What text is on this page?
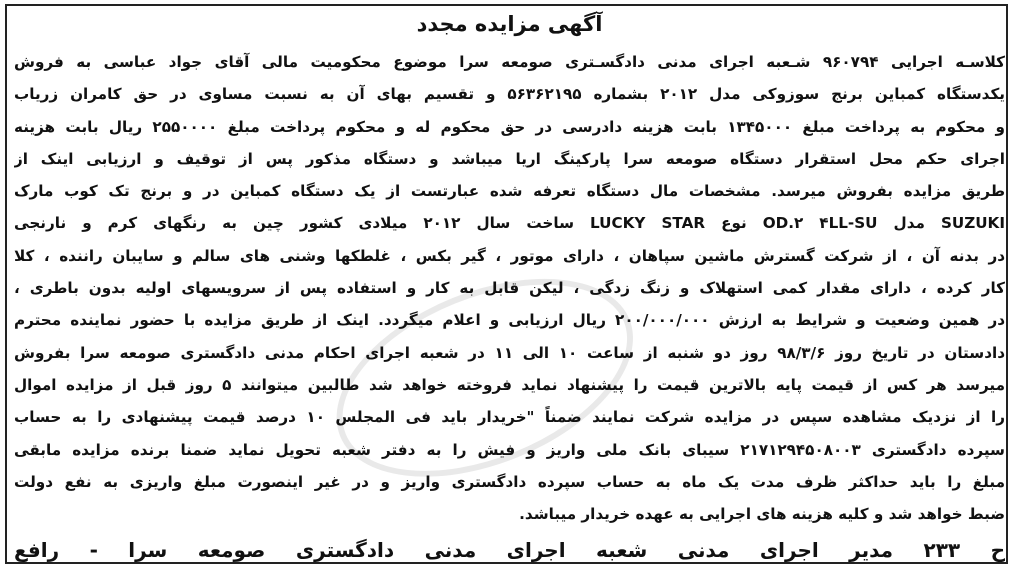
آگهی مزایده مجدد
کلاسـه اجرایی ۹۶۰۷۹۴ شـعبه اجرای مدنی دادگسـتری صومعه سرا موضوع محکومیت مالی آقای جواد عباسی به فروش
یکدستگاه کمباین برنج سوزوکی مدل ۲۰۱۲ بشماره ۵۶۳۶۲۱۹۵ و تقسیم بهای آن به نسبت مساوی در حق کامران زریاب
و محکوم به پرداخت مبلغ ۱۳۴۵۰۰۰ بابت هزینه دادرسی در حق محکوم له و محکوم پرداخت مبلغ ۲۵۵۰۰۰۰ ریال بابت هزینه
اجرای حکم محل استقرار دستگاه صومعه سرا پارکینگ اریا میباشد و دستگاه مذکور پس از توقیف و ارزیابی اینک از
طریق مزایده بفروش میرسد. مشخصات مال دستگاه تعرفه شده عبارتست از یک دستگاه کمباین در و برنج تک کوب مارک
SUZUKI مدل OD.۲ ۴LL-SU نوع LUCKY STAR ساخت سال ۲۰۱۲ میلادی کشور چین به رنگهای کرم و نارنجی
در بدنه آن ، از شرکت گسترش ماشین سپاهان ، دارای موتور ، گیر بکس ، غلطکها وشنی های سالم و سایبان راننده ، کلا
کار کرده ، دارای مقدار کمی استهلاک و زنگ زدگی ، لیکن قابل به کار و استفاده پس از سرویسهای اولیه بدون باطری ،
در همین وضعیت و شرایط به ارزش ۲۰۰/۰۰۰/۰۰۰ ریال ارزیابی و اعلام میگردد. اینک از طریق مزایده با حضور نماینده محترم
دادستان در تاریخ روز ۹۸/۳/۶ روز دو شنبه از ساعت ۱۰ الی ۱۱ در شعبه اجرای احکام مدنی دادگستری صومعه سرا بفروش
میرسد هر کس از قیمت پایه بالاترین قیمت را پیشنهاد نماید فروخته خواهد شد طالبین میتوانند ۵ روز قبل از مزایده اموال
را از نزدیک مشاهده سپس در مزایده شرکت نمایند ضمناً "خریدار باید فی المجلس ۱۰ درصد قیمت پیشنهادی را به حساب
سپرده دادگستری ۲۱۷۱۲۹۴۵۰۸۰۰۳ سیبای بانک ملی واریز و فیش را به دفتر شعبه تحویل نماید ضمنا برنده مزایده مابقی
مبلغ را باید حداکثر ظرف مدت یک ماه به حساب سپرده دادگستری واریز و در غیر اینصورت مبلغ واریزی به نفع دولت
ضبط خواهد شد و کلیه هزینه های اجرایی به عهده خریدار میباشد.
ح ۲۳۳ مدیر اجرای مدنی شعبه اجرای مدنی دادگستری صومعه سرا - رافع
